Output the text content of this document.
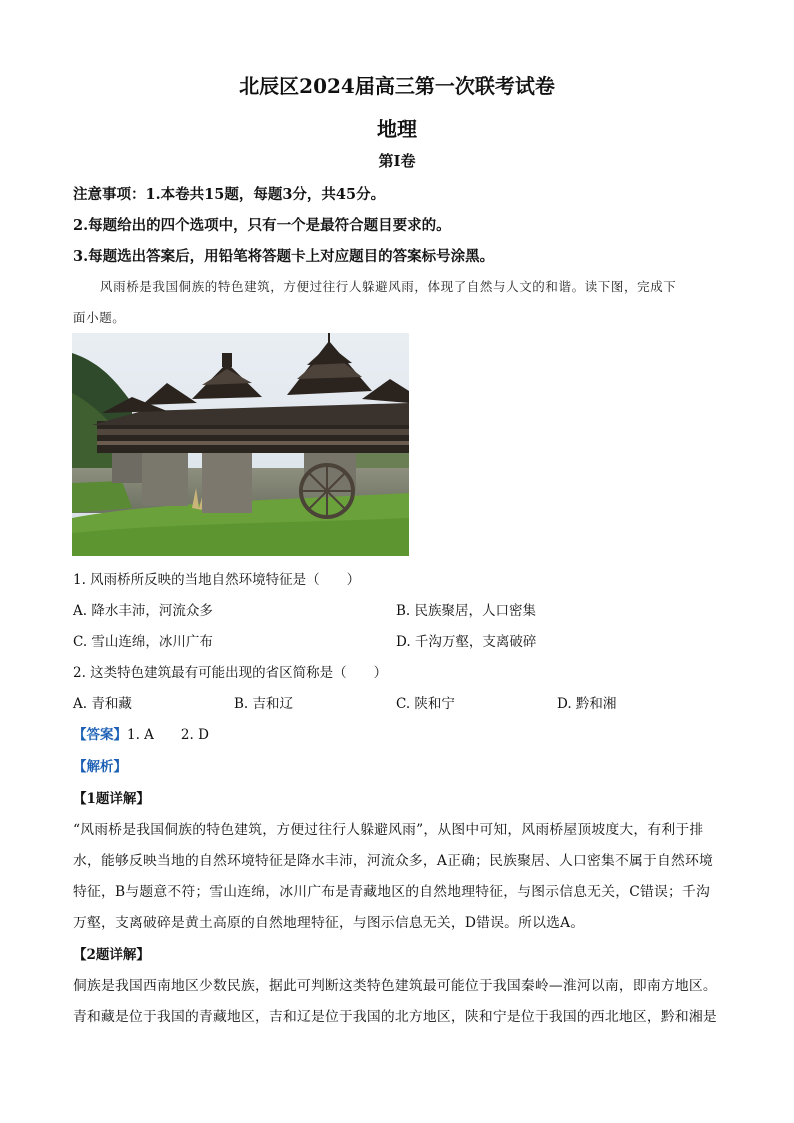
北辰区2024届高三第一次联考试卷
地理
第Ⅰ卷
注意事项：1.本卷共15题，每题3分，共45分。
2.每题给出的四个选项中，只有一个是最符合题目要求的。
3.每题选出答案后，用铅笔将答题卡上对应题目的答案标号涂黑。
风雨桥是我国侗族的特色建筑，方便过往行人躲避风雨，体现了自然与人文的和谐。读下图，完成下
面小题。
1. 风雨桥所反映的当地自然环境特征是（　　）
A. 降水丰沛，河流众多	B. 民族聚居，人口密集
C. 雪山连绵，冰川广布	D. 千沟万壑，支离破碎
2. 这类特色建筑最有可能出现的省区简称是（　　）
A. 青和藏	B. 吉和辽	C. 陕和宁	D. 黔和湘
【答案】1. A　　2. D
【解析】
【1题详解】
“风雨桥是我国侗族的特色建筑，方便过往行人躲避风雨”，从图中可知，风雨桥屋顶坡度大，有利于排
水，能够反映当地的自然环境特征是降水丰沛，河流众多，A正确；民族聚居、人口密集不属于自然环境
特征，B与题意不符；雪山连绵，冰川广布是青藏地区的自然地理特征，与图示信息无关，C错误；千沟
万壑，支离破碎是黄土高原的自然地理特征，与图示信息无关，D错误。所以选A。
【2题详解】
侗族是我国西南地区少数民族，据此可判断这类特色建筑最可能位于我国秦岭—淮河以南，即南方地区。
青和藏是位于我国的青藏地区，吉和辽是位于我国的北方地区，陕和宁是位于我国的西北地区，黔和湘是
